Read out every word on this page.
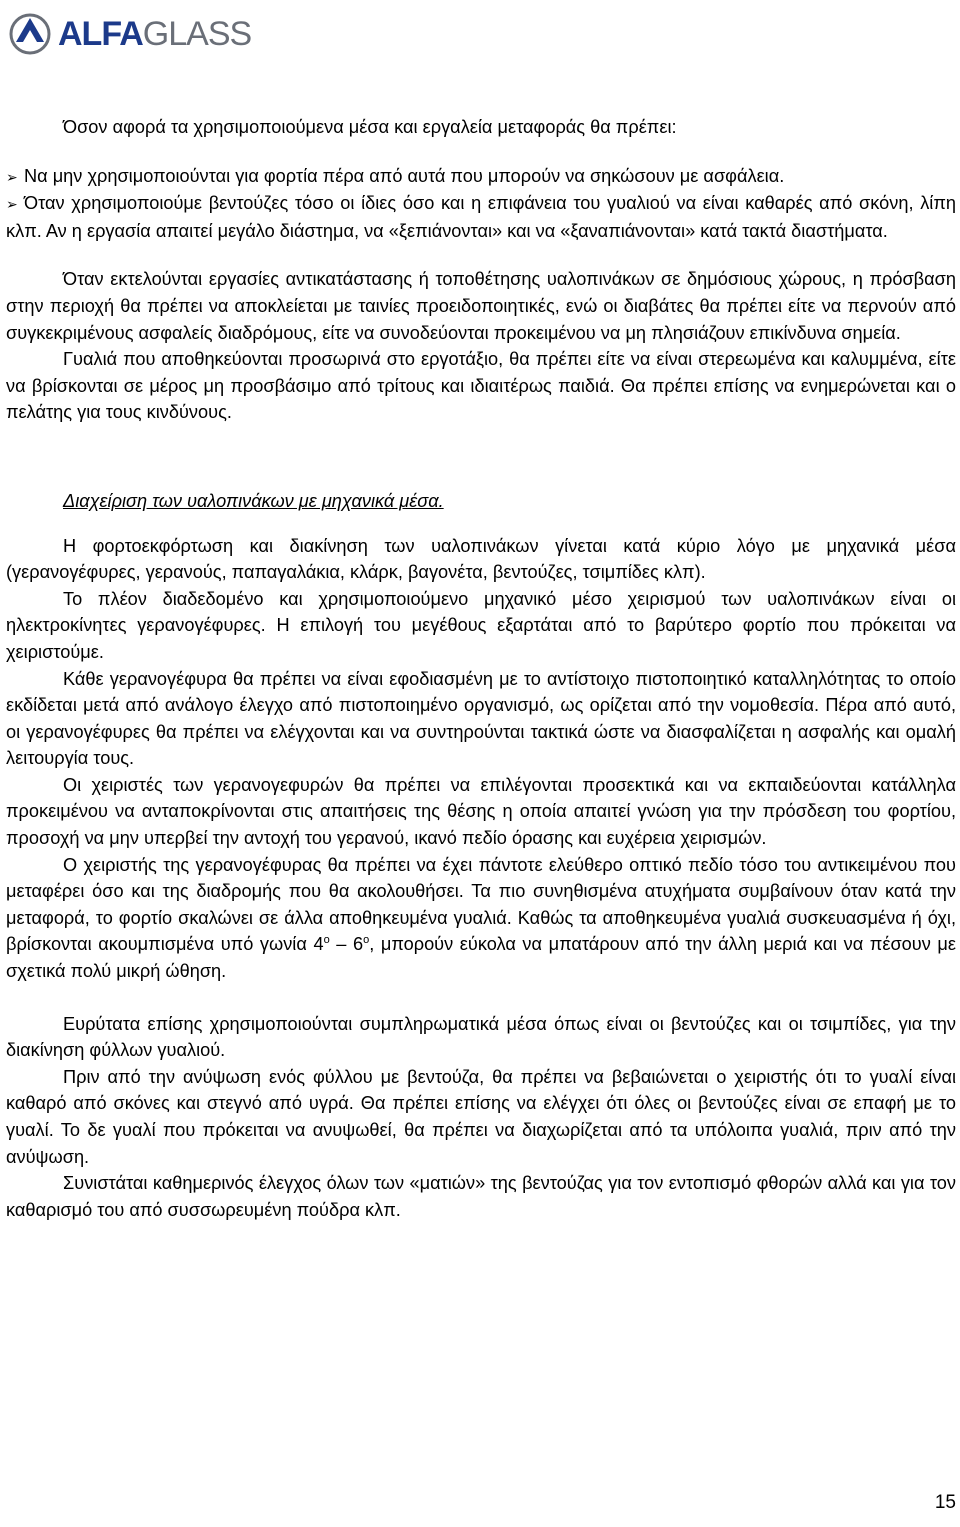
ALFAGLASS

Όσον αφορά τα χρησιμοποιούμενα μέσα και εργαλεία μεταφοράς θα πρέπει:

➢ Να μην χρησιμοποιούνται για φορτία πέρα από αυτά που μπορούν να σηκώσουν με ασφάλεια.
➢ Όταν χρησιμοποιούμε βεντούζες τόσο οι ίδιες όσο και η επιφάνεια του γυαλιού να είναι καθαρές από σκόνη, λίπη κλπ. Αν η εργασία απαιτεί μεγάλο διάστημα, να «ξεπιάνονται» και να «ξαναπιάνονται» κατά τακτά διαστήματα.

Όταν εκτελούνται εργασίες αντικατάστασης ή τοποθέτησης υαλοπινάκων σε δημόσιους χώρους, η πρόσβαση στην περιοχή θα πρέπει να αποκλείεται με ταινίες προειδοποιητικές, ενώ οι διαβάτες θα πρέπει είτε να περνούν από συγκεκριμένους ασφαλείς διαδρόμους, είτε να συνοδεύονται προκειμένου να μη πλησιάζουν επικίνδυνα σημεία.

Γυαλιά που αποθηκεύονται προσωρινά στο εργοτάξιο, θα πρέπει είτε να είναι στερεωμένα και καλυμμένα, είτε να βρίσκονται σε μέρος μη προσβάσιμο από τρίτους και ιδιαιτέρως παιδιά. Θα πρέπει επίσης να ενημερώνεται και ο πελάτης για τους κινδύνους.

Διαχείριση των υαλοπινάκων με μηχανικά μέσα.

Η φορτοεκφόρτωση και διακίνηση των υαλοπινάκων γίνεται κατά κύριο λόγο με μηχανικά μέσα (γερανογέφυρες, γερανούς, παπαγαλάκια, κλάρκ, βαγονέτα, βεντούζες, τσιμπίδες κλπ).

Το πλέον διαδεδομένο και χρησιμοποιούμενο μηχανικό μέσο χειρισμού των υαλοπινάκων είναι οι ηλεκτροκίνητες γερανογέφυρες. Η επιλογή του μεγέθους εξαρτάται από το βαρύτερο φορτίο που πρόκειται να χειριστούμε.

Κάθε γερανογέφυρα θα πρέπει να είναι εφοδιασμένη με το αντίστοιχο πιστοποιητικό καταλληλότητας το οποίο εκδίδεται μετά από ανάλογο έλεγχο από πιστοποιημένο οργανισμό, ως ορίζεται από την νομοθεσία. Πέρα από αυτό, οι γερανογέφυρες θα πρέπει να ελέγχονται και να συντηρούνται τακτικά ώστε να διασφαλίζεται η ασφαλής και ομαλή λειτουργία τους.

Οι χειριστές των γερανογεφυρών θα πρέπει να επιλέγονται προσεκτικά και να εκπαιδεύονται κατάλληλα προκειμένου να ανταποκρίνονται στις απαιτήσεις της θέσης η οποία απαιτεί γνώση για την πρόσδεση του φορτίου, προσοχή να μην υπερβεί την αντοχή του γερανού, ικανό πεδίο όρασης και ευχέρεια χειρισμών.

Ο χειριστής της γερανογέφυρας θα πρέπει να έχει πάντοτε ελεύθερο οπτικό πεδίο τόσο του αντικειμένου που μεταφέρει όσο και της διαδρομής που θα ακολουθήσει. Τα πιο συνηθισμένα ατυχήματα συμβαίνουν όταν κατά την μεταφορά, το φορτίο σκαλώνει σε άλλα αποθηκευμένα γυαλιά. Καθώς τα αποθηκευμένα γυαλιά συσκευασμένα ή όχι, βρίσκονται ακουμπισμένα υπό γωνία $4^o - 6^o$, μπορούν εύκολα να μπατάρουν από την άλλη μεριά και να πέσουν με σχετικά πολύ μικρή ώθηση.

Ευρύτατα επίσης χρησιμοποιούνται συμπληρωματικά μέσα όπως είναι οι βεντούζες και οι τσιμπίδες, για την διακίνηση φύλλων γυαλιού.

Πριν από την ανύψωση ενός φύλλου με βεντούζα, θα πρέπει να βεβαιώνεται ο χειριστής ότι το γυαλί είναι καθαρό από σκόνες και στεγνό από υγρά. Θα πρέπει επίσης να ελέγχει ότι όλες οι βεντούζες είναι σε επαφή με το γυαλί. Το δε γυαλί που πρόκειται να ανυψωθεί, θα πρέπει να διαχωρίζεται από τα υπόλοιπα γυαλιά, πριν από την ανύψωση.

Συνιστάται καθημερινός έλεγχος όλων των «ματιών» της βεντούζας για τον εντοπισμό φθορών αλλά και για τον καθαρισμό του από συσσωρευμένη πούδρα κλπ.

15
